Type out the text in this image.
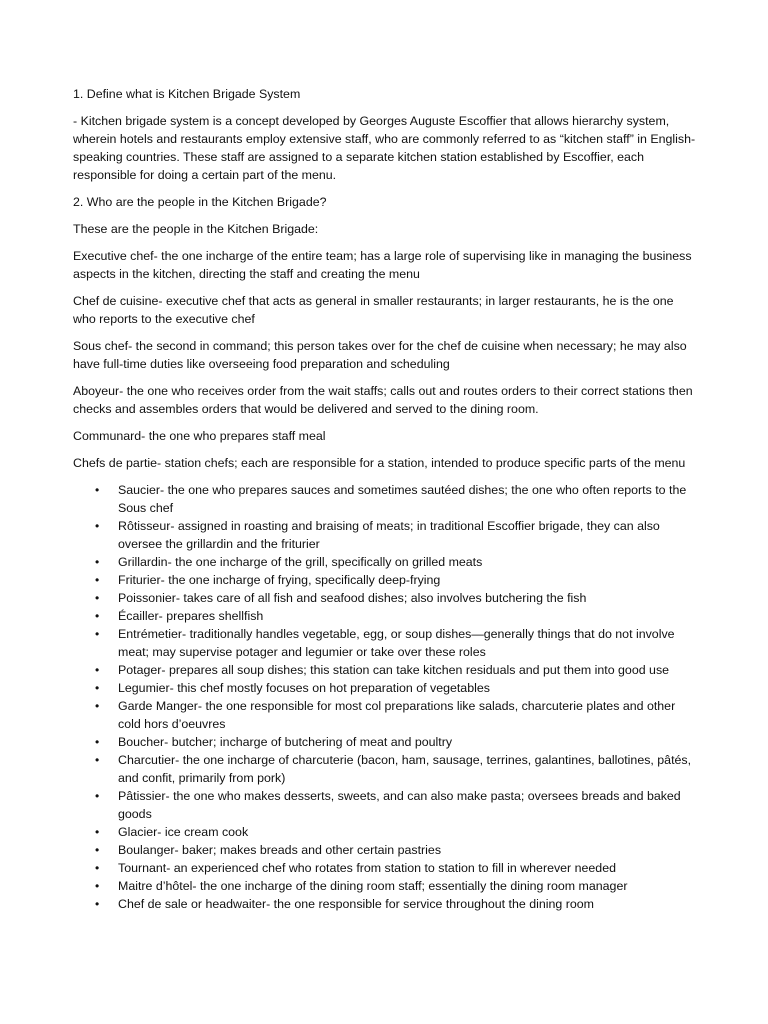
1. Define what is Kitchen Brigade System

- Kitchen brigade system is a concept developed by Georges Auguste Escoffier that allows hierarchy system, wherein hotels and restaurants employ extensive staff, who are commonly referred to as “kitchen staff” in English-speaking countries. These staff are assigned to a separate kitchen station established by Escoffier, each responsible for doing a certain part of the menu.

2. Who are the people in the Kitchen Brigade?

These are the people in the Kitchen Brigade:

Executive chef- the one incharge of the entire team; has a large role of supervising like in managing the business aspects in the kitchen, directing the staff and creating the menu

Chef de cuisine- executive chef that acts as general in smaller restaurants; in larger restaurants, he is the one who reports to the executive chef

Sous chef- the second in command; this person takes over for the chef de cuisine when necessary; he may also have full-time duties like overseeing food preparation and scheduling

Aboyeur- the one who receives order from the wait staffs; calls out and routes orders to their correct stations then checks and assembles orders that would be delivered and served to the dining room.

Communard- the one who prepares staff meal

Chefs de partie- station chefs; each are responsible for a station, intended to produce specific parts of the menu

• Saucier- the one who prepares sauces and sometimes sautéed dishes; the one who often reports to the Sous chef
• Rôtisseur- assigned in roasting and braising of meats; in traditional Escoffier brigade, they can also oversee the grillardin and the friturier
• Grillardin- the one incharge of the grill, specifically on grilled meats
• Friturier- the one incharge of frying, specifically deep-frying
• Poissonier- takes care of all fish and seafood dishes; also involves butchering the fish
• Écailler- prepares shellfish
• Entrémetier- traditionally handles vegetable, egg, or soup dishes—generally things that do not involve meat; may supervise potager and legumier or take over these roles
• Potager- prepares all soup dishes; this station can take kitchen residuals and put them into good use
• Legumier- this chef mostly focuses on hot preparation of vegetables
• Garde Manger- the one responsible for most col preparations like salads, charcuterie plates and other cold hors d’oeuvres
• Boucher- butcher; incharge of butchering of meat and poultry
• Charcutier- the one incharge of charcuterie (bacon, ham, sausage, terrines, galantines, ballotines, pâtés, and confit, primarily from pork)
• Pâtissier- the one who makes desserts, sweets, and can also make pasta; oversees breads and baked goods
• Glacier- ice cream cook
• Boulanger- baker; makes breads and other certain pastries
• Tournant- an experienced chef who rotates from station to station to fill in wherever needed
• Maitre d’hôtel- the one incharge of the dining room staff; essentially the dining room manager
• Chef de sale or headwaiter- the one responsible for service throughout the dining room
